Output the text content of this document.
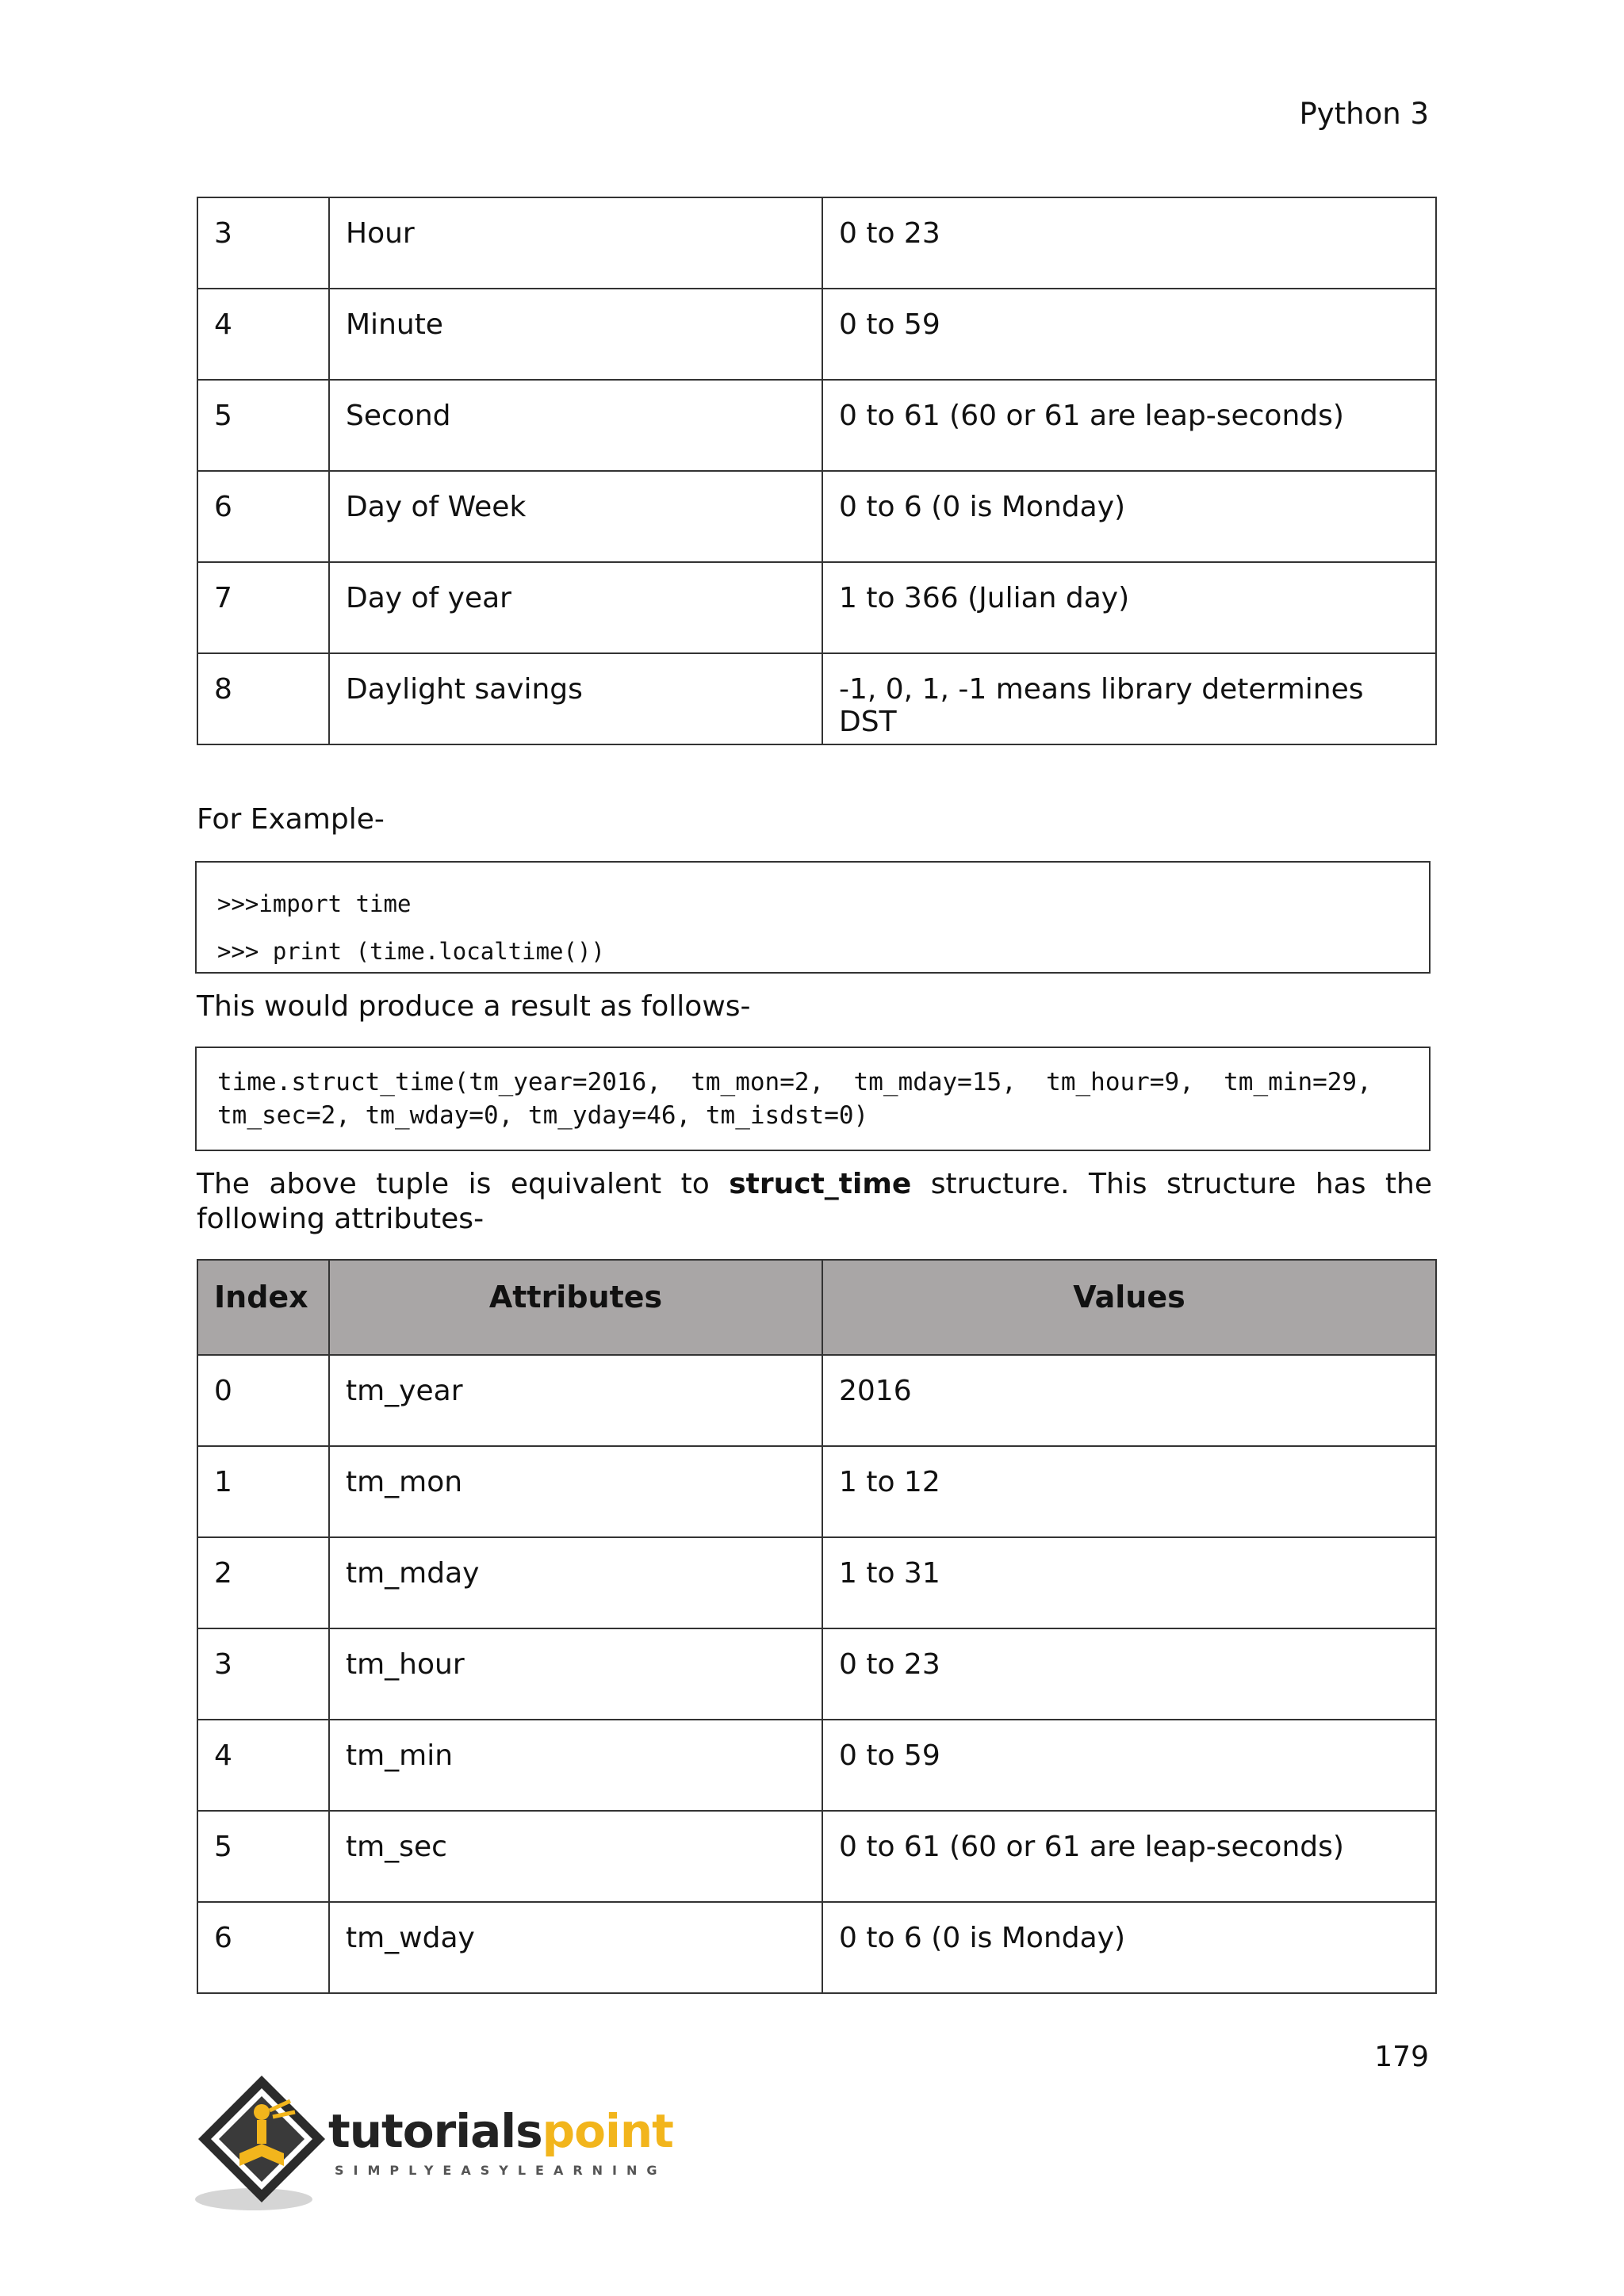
Python 3
3	Hour	0 to 23
4	Minute	0 to 59
5	Second	0 to 61 (60 or 61 are leap-seconds)
6	Day of Week	0 to 6 (0 is Monday)
7	Day of year	1 to 366 (Julian day)
8	Daylight savings	-1, 0, 1, -1 means library determines DST
For Example-
>>>import time
>>> print (time.localtime())
This would produce a result as follows-
time.struct_time(tm_year=2016,  tm_mon=2,  tm_mday=15,  tm_hour=9,  tm_min=29,
tm_sec=2, tm_wday=0, tm_yday=46, tm_isdst=0)
The above tuple is equivalent to struct_time structure. This structure has the following attributes-
Index	Attributes	Values
0	tm_year	2016
1	tm_mon	1 to 12
2	tm_mday	1 to 31
3	tm_hour	0 to 23
4	tm_min	0 to 59
5	tm_sec	0 to 61 (60 or 61 are leap-seconds)
6	tm_wday	0 to 6 (0 is Monday)
179
tutorialspoint
SIMPLYEASYLEARNING
